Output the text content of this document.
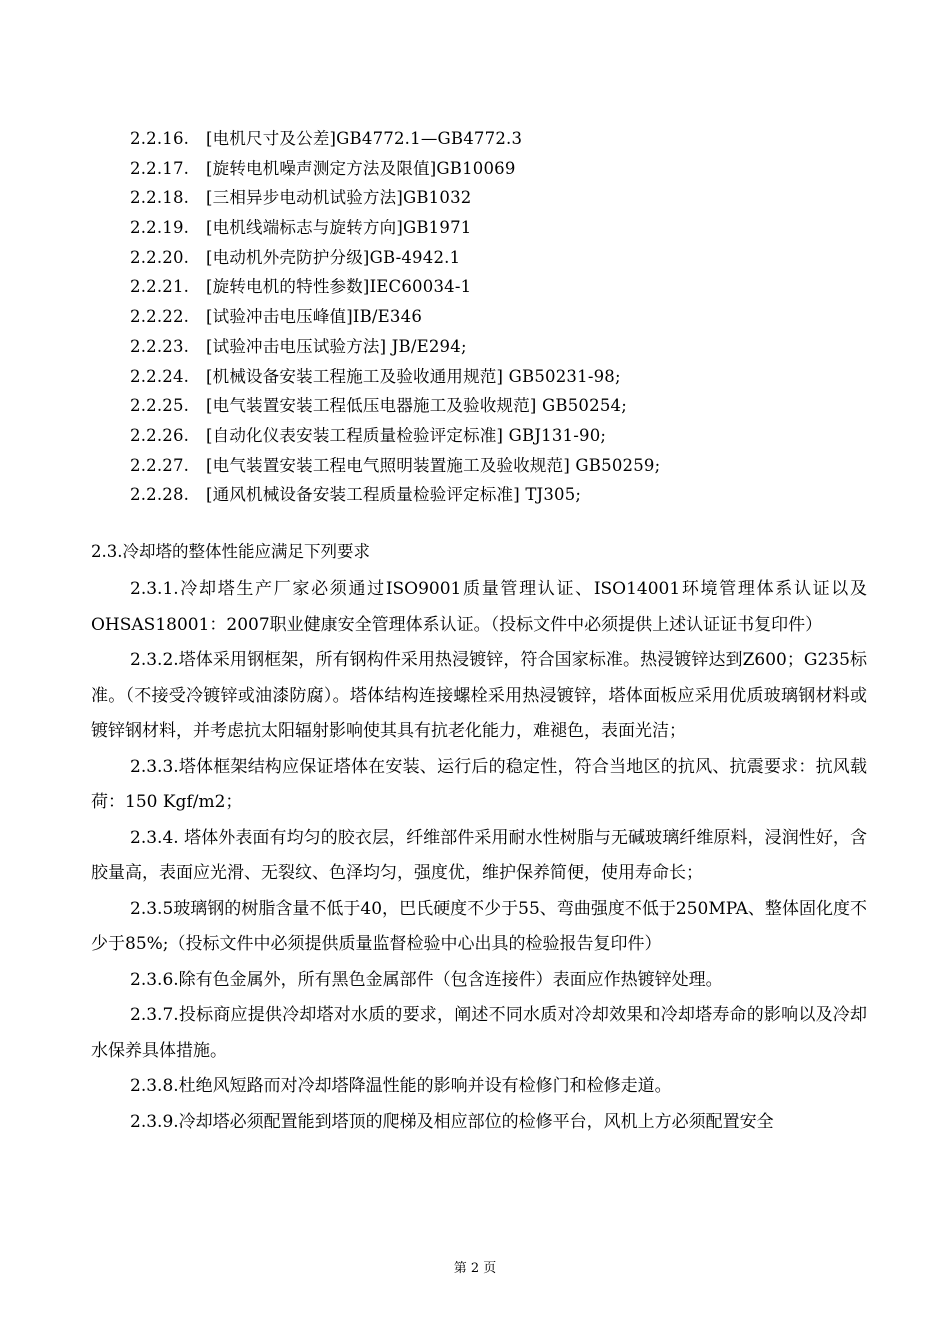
2.2.16. [电机尺寸及公差]GB4772.1—GB4772.3
2.2.17. [旋转电机噪声测定方法及限值]GB10069
2.2.18. [三相异步电动机试验方法]GB1032
2.2.19. [电机线端标志与旋转方向]GB1971
2.2.20. [电动机外壳防护分级]GB-4942.1
2.2.21. [旋转电机的特性参数]IEC60034-1
2.2.22. [试验冲击电压峰值]IB/E346
2.2.23. [试验冲击电压试验方法] JB/E294;
2.2.24. [机械设备安装工程施工及验收通用规范] GB50231-98;
2.2.25. [电气装置安装工程低压电器施工及验收规范] GB50254;
2.2.26. [自动化仪表安装工程质量检验评定标准] GBJ131-90;
2.2.27. [电气装置安装工程电气照明装置施工及验收规范] GB50259;
2.2.28. [通风机械设备安装工程质量检验评定标准] TJ305;
2.3.冷却塔的整体性能应满足下列要求

2.3.1.冷却塔生产厂家必须通过ISO9001质量管理认证、ISO14001环境管理体系认证以及OHSAS18001：2007职业健康安全管理体系认证。（投标文件中必须提供上述认证证书复印件）

2.3.2.塔体采用钢框架，所有钢构件采用热浸镀锌，符合国家标准。热浸镀锌达到Z600；G235标准。（不接受冷镀锌或油漆防腐）。塔体结构连接螺栓采用热浸镀锌，塔体面板应采用优质玻璃钢材料或镀锌钢材料，并考虑抗太阳辐射影响使其具有抗老化能力，难褪色，表面光洁；

2.3.3.塔体框架结构应保证塔体在安装、运行后的稳定性，符合当地区的抗风、抗震要求：抗风载荷：150 Kgf/m2；

2.3.4. 塔体外表面有均匀的胶衣层，纤维部件采用耐水性树脂与无碱玻璃纤维原料，浸润性好，含胶量高，表面应光滑、无裂纹、色泽均匀，强度优，维护保养简便，使用寿命长；

2.3.5玻璃钢的树脂含量不低于40，巴氏硬度不少于55、弯曲强度不低于250MPA、整体固化度不少于85%;（投标文件中必须提供质量监督检验中心出具的检验报告复印件）

2.3.6.除有色金属外，所有黑色金属部件（包含连接件）表面应作热镀锌处理。

2.3.7.投标商应提供冷却塔对水质的要求，阐述不同水质对冷却效果和冷却塔寿命的影响以及冷却水保养具体措施。

2.3.8.杜绝风短路而对冷却塔降温性能的影响并设有检修门和检修走道。

2.3.9.冷却塔必须配置能到塔顶的爬梯及相应部位的检修平台，风机上方必须配置安全

第 2 页
